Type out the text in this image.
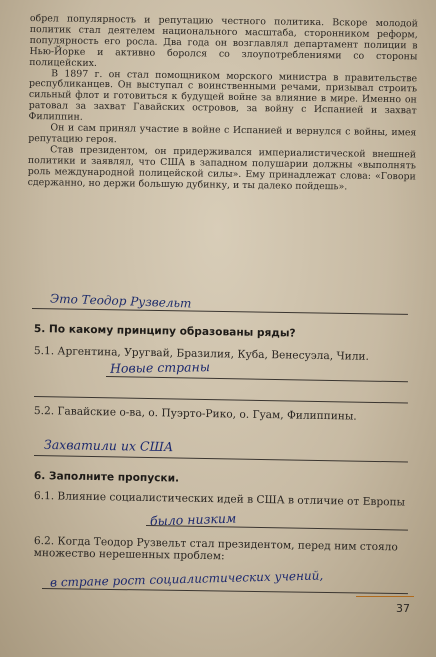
обрел популярность и репутацию честного политика. Вскоре молодой политик стал деятелем национального масштаба, сторонником реформ, популярность его росла. Два года он возглавлял департамент полиции в Нью-Йорке и активно боролся со злоупотреблениями со стороны полицейских.

В 1897 г. он стал помощником морского министра в правительстве республиканцев. Он выступал с воинственными речами, призывал строить сильный флот и готовиться к будущей войне за влияние в мире. Именно он ратовал за захват Гавайских островов, за войну с Испанией и захват Филиппин.

Он и сам принял участие в войне с Испанией и вернулся с войны, имея репутацию героя.

Став президентом, он придерживался империалистической внешней политики и заявлял, что США в западном полушарии должны «выполнять роль международной полицейской силы». Ему принадлежат слова: «Говори сдержанно, но держи большую дубинку, и ты далеко пойдешь».

Это Теодор Рузвельт
5. По какому принципу образованы ряды?
5.1. Аргентина, Уругвай, Бразилия, Куба, Венесуэла, Чили.
Новые страны
5.2. Гавайские о-ва, о. Пуэрто-Рико, о. Гуам, Филиппины.
Захватили их США
6. Заполните пропуски.
6.1. Влияние социалистических идей в США в отличие от Европы
было низким
6.2. Когда Теодор Рузвельт стал президентом, перед ним стояло множество нерешенных проблем:
в стране рост социалистических учений,
37
